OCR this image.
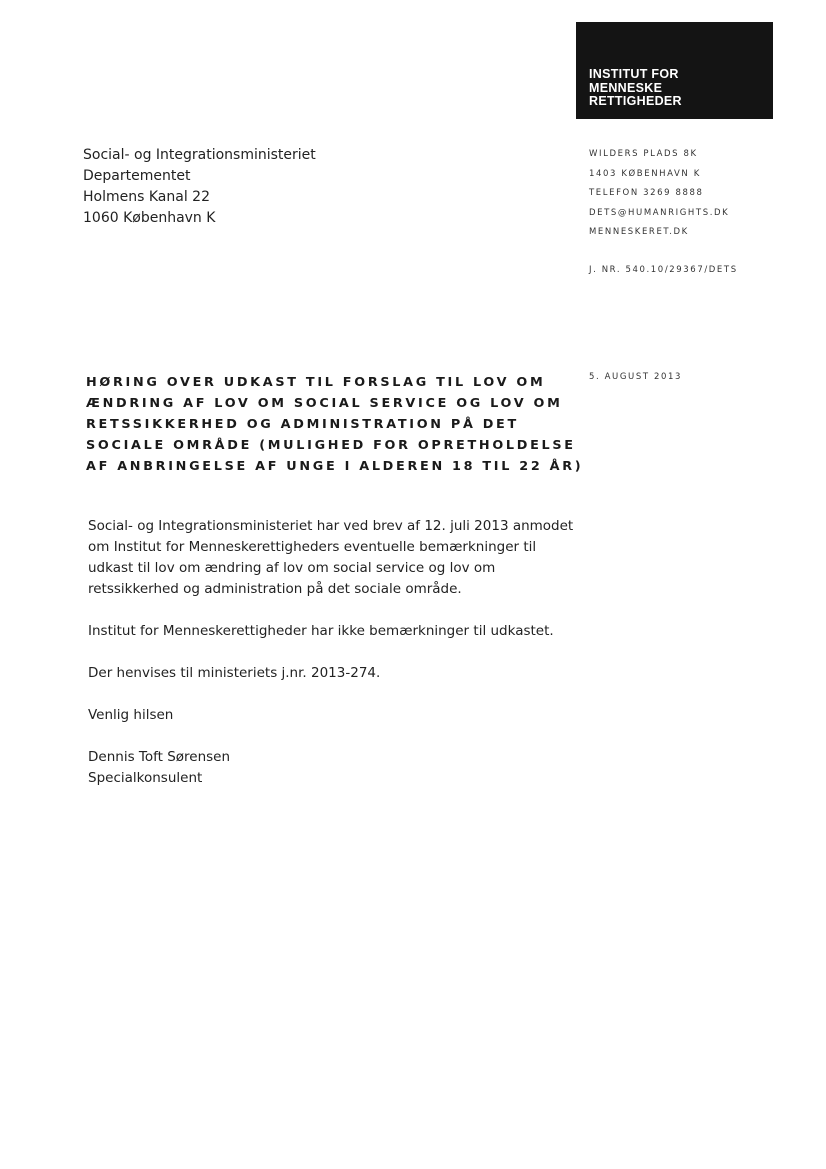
INSTITUT FOR
MENNESKE
RETTIGHEDER
Social- og Integrationsministeriet
Departementet
Holmens Kanal 22
1060 København K
WILDERS PLADS 8K
1403 KØBENHAVN K
TELEFON 3269 8888
DETS@HUMANRIGHTS.DK
MENNESKERET.DK
J. NR. 540.10/29367/DETS
5. AUGUST 2013
HØRING OVER UDKAST TIL FORSLAG TIL LOV OM
ÆNDRING AF LOV OM SOCIAL SERVICE OG LOV OM
RETSSIKKERHED OG ADMINISTRATION PÅ DET
SOCIALE OMRÅDE (MULIGHED FOR OPRETHOLDELSE
AF ANBRINGELSE AF UNGE I ALDEREN 18 TIL 22 ÅR)

Social- og Integrationsministeriet har ved brev af 12. juli 2013 anmodet
om Institut for Menneskerettigheders eventuelle bemærkninger til
udkast til lov om ændring af lov om social service og lov om
retssikkerhed og administration på det sociale område.

Institut for Menneskerettigheder har ikke bemærkninger til udkastet.

Der henvises til ministeriets j.nr. 2013-274.

Venlig hilsen

Dennis Toft Sørensen

Specialkonsulent
